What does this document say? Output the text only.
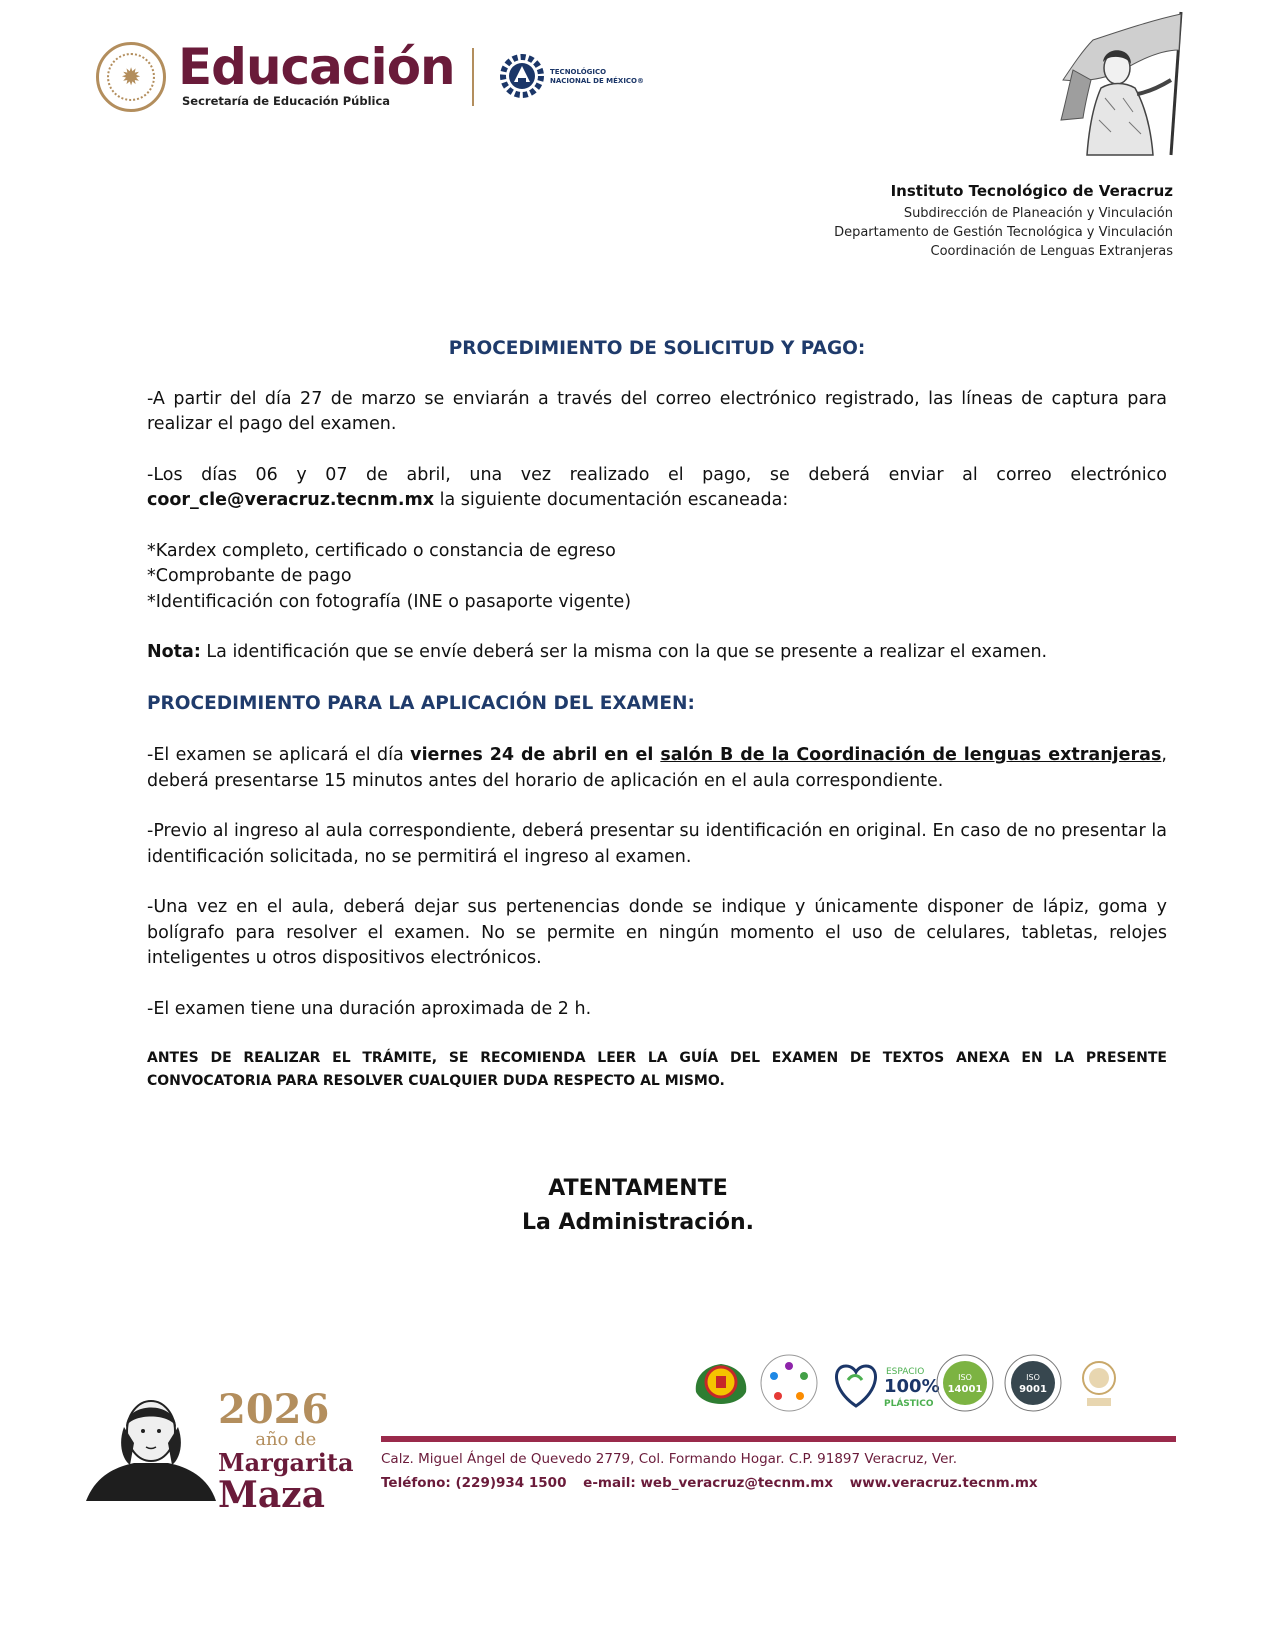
✹ Educación
Secretaría de Educación Pública
TECNOLÓGICO
NACIONAL DE MÉXICO®
Instituto Tecnológico de Veracruz
Subdirección de Planeación y Vinculación
Departamento de Gestión Tecnológica y Vinculación
Coordinación de Lenguas Extranjeras
PROCEDIMIENTO DE SOLICITUD Y PAGO:

-A partir del día 27 de marzo se enviarán a través del correo electrónico registrado, las líneas de captura para realizar el pago del examen.

-Los días 06 y 07 de abril, una vez realizado el pago, se deberá enviar al correo electrónico coor_cle@veracruz.tecnm.mx la siguiente documentación escaneada:

*Kardex completo, certificado o constancia de egreso
*Comprobante de pago
*Identificación con fotografía (INE o pasaporte vigente)

Nota: La identificación que se envíe deberá ser la misma con la que se presente a realizar el examen.

PROCEDIMIENTO PARA LA APLICACIÓN DEL EXAMEN:

-El examen se aplicará el día viernes 24 de abril en el salón B de la Coordinación de lenguas extranjeras, deberá presentarse 15 minutos antes del horario de aplicación en el aula correspondiente.

-Previo al ingreso al aula correspondiente, deberá presentar su identificación en original. En caso de no presentar la identificación solicitada, no se permitirá el ingreso al examen.

-Una vez en el aula, deberá dejar sus pertenencias donde se indique y únicamente disponer de lápiz, goma y bolígrafo para resolver el examen. No se permite en ningún momento el uso de celulares, tabletas, relojes inteligentes u otros dispositivos electrónicos.

-El examen tiene una duración aproximada de 2 h.

ANTES DE REALIZAR EL TRÁMITE, SE RECOMIENDA LEER LA GUÍA DEL EXAMEN DE TEXTOS ANEXA EN LA PRESENTE CONVOCATORIA PARA RESOLVER CUALQUIER DUDA RESPECTO AL MISMO.

ATENTAMENTE
La Administración.
2026
año de
Margarita
Maza
ESPACIO
100%
PLÁSTICO
ISO
14001
ISO
9001
Calz. Miguel Ángel de Quevedo 2779, Col. Formando Hogar. C.P. 91897 Veracruz, Ver.
Teléfono: (229)934 1500 e-mail: web_veracruz@tecnm.mx www.veracruz.tecnm.mx
